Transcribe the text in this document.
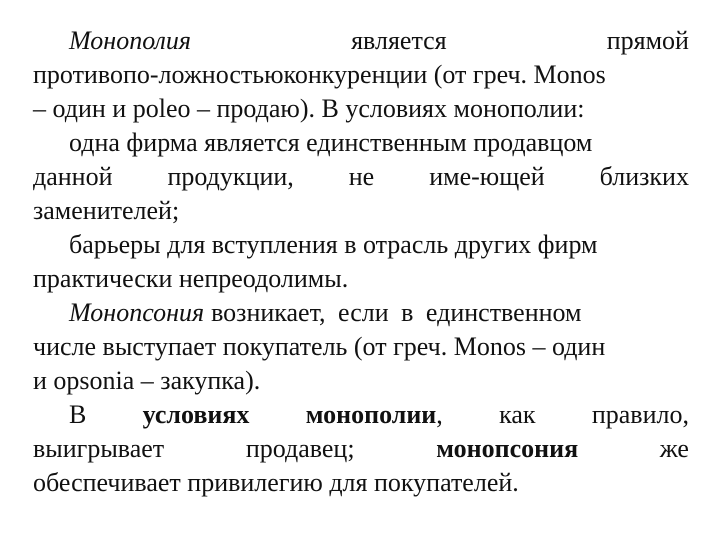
Монополия	является	прямой
противопо-ложностьюконкуренции (от греч. Monos
– один и poleo – продаю). В условиях монополии:
одна фирма является единственным продавцом
данной продукции, не име-ющей близких
заменителей;
барьеры для вступления в отрасль других фирм
практически непреодолимы.
Монопсония возникает, если в единственном
числе выступает покупатель (от греч. Monos – один
и opsonia – закупка).
В условиях монополии, как правило,
выигрывает	продавец;	монопсония	же
обеспечивает привилегию для покупателей.
